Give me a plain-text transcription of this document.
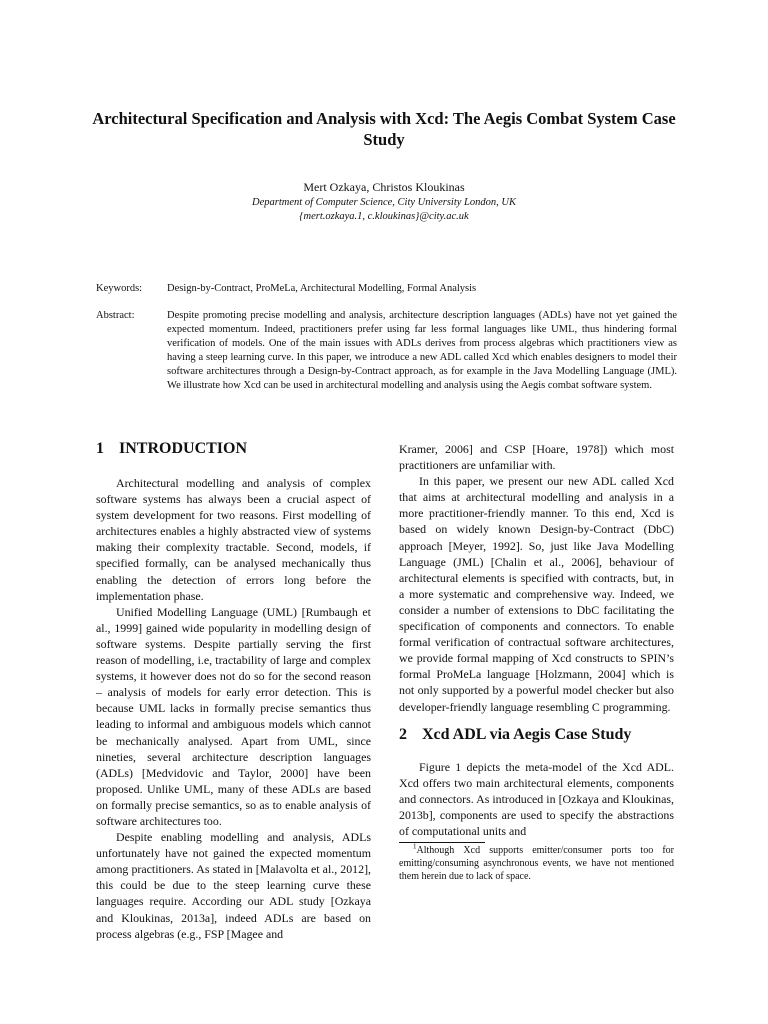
Architectural Specification and Analysis with Xcd: The Aegis Combat System Case Study
Mert Ozkaya, Christos Kloukinas
Department of Computer Science, City University London, UK
{mert.ozkaya.1, c.kloukinas}@city.ac.uk
Keywords: Design-by-Contract, ProMeLa, Architectural Modelling, Formal Analysis
Abstract:	Despite promoting precise modelling and analysis, architecture description languages (ADLs) have not yet gained the expected momentum. Indeed, practitioners prefer using far less formal languages like UML, thus hindering formal verification of models. One of the main issues with ADLs derives from process algebras which practitioners view as having a steep learning curve. In this paper, we introduce a new ADL called Xcd which enables designers to model their software architectures through a Design-by-Contract approach, as for example in the Java Modelling Language (JML). We illustrate how Xcd can be used in architectural modelling and analysis using the Aegis combat software system.
1 INTRODUCTION

Architectural modelling and analysis of complex software systems has always been a crucial aspect of system development for two reasons. First modelling of architectures enables a highly abstracted view of systems making their complexity tractable. Second, models, if specified formally, can be analysed mechanically thus enabling the detection of errors long before the implementation phase.

Unified Modelling Language (UML) [Rumbaugh et al., 1999] gained wide popularity in modelling design of software systems. Despite partially serving the first reason of modelling, i.e, tractability of large and complex systems, it however does not do so for the second reason – analysis of models for early error detection. This is because UML lacks in formally precise semantics thus leading to informal and ambiguous models which cannot be mechanically analysed. Apart from UML, since nineties, several architecture description languages (ADLs) [Medvidovic and Taylor, 2000] have been proposed. Unlike UML, many of these ADLs are based on formally precise semantics, so as to enable analysis of software architectures too.

Despite enabling modelling and analysis, ADLs unfortunately have not gained the expected momentum among practitioners. As stated in [Malavolta et al., 2012], this could be due to the steep learning curve these languages require. According our ADL study [Ozkaya and Kloukinas, 2013a], indeed ADLs are based on process algebras (e.g., FSP [Magee and

Kramer, 2006] and CSP [Hoare, 1978]) which most practitioners are unfamiliar with.

In this paper, we present our new ADL called Xcd that aims at architectural modelling and analysis in a more practitioner-friendly manner. To this end, Xcd is based on widely known Design-by-Contract (DbC) approach [Meyer, 1992]. So, just like Java Modelling Language (JML) [Chalin et al., 2006], behaviour of architectural elements is specified with contracts, but, in a more systematic and comprehensive way. Indeed, we consider a number of extensions to DbC facilitating the specification of components and connectors. To enable formal verification of contractual software architectures, we provide formal mapping of Xcd constructs to SPIN’s formal ProMeLa language [Holzmann, 2004] which is not only supported by a powerful model checker but also developer-friendly language resembling C programming.

2 Xcd ADL via Aegis Case Study

Figure 1 depicts the meta-model of the Xcd ADL. Xcd offers two main architectural elements, components and connectors. As introduced in [Ozkaya and Kloukinas, 2013b], components are used to specify the abstractions of computational units and

$^1$Although Xcd supports emitter/consumer ports too for emitting/consuming asynchronous events, we have not mentioned them herein due to lack of space.
